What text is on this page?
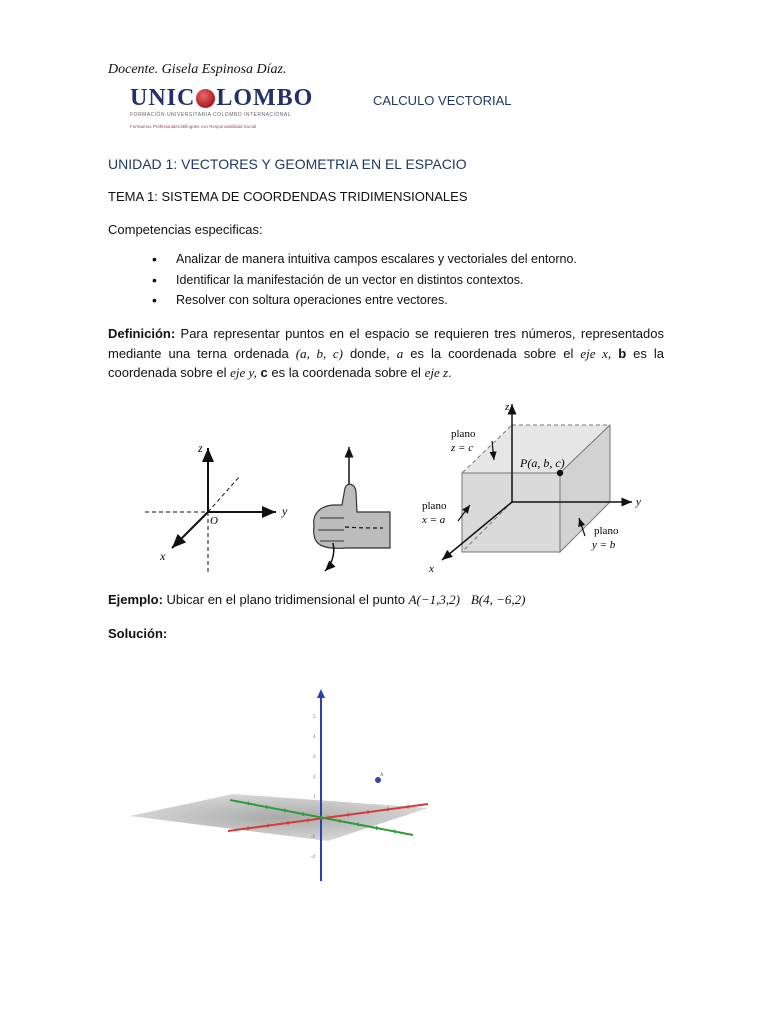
Docente. Gisela Espinosa Díaz.
UNIC LOMBO
FORMACIÓN UNIVERSITARIA COLOMBO INTERNACIONAL
Formamos Profesionales Bilingües con Responsabilidad Social
CALCULO VECTORIAL
UNIDAD 1: VECTORES Y GEOMETRIA EN EL ESPACIO
TEMA 1: SISTEMA DE COORDENDAS TRIDIMENSIONALES
Competencias especificas:
• Analizar de manera intuitiva campos escalares y vectoriales del entorno.
• Identificar la manifestación de un vector en distintos contextos.
• Resolver con soltura operaciones entre vectores.
Definición: Para representar puntos en el espacio se requieren tres números, representados mediante una terna ordenada (a, b, c) donde, a es la coordenada sobre el eje x, b es la coordenada sobre el eje y, c es la coordenada sobre el eje z.
z
y
x
O
z
y
x
plano
z = c
P(a, b, c)
plano
x = a
plano
y = b
Ejemplo: Ubicar en el plano tridimensional el punto A(−1,3,2) B(4, −6,2)
Solución:
5
4
3
2
1
-1
-2
A
